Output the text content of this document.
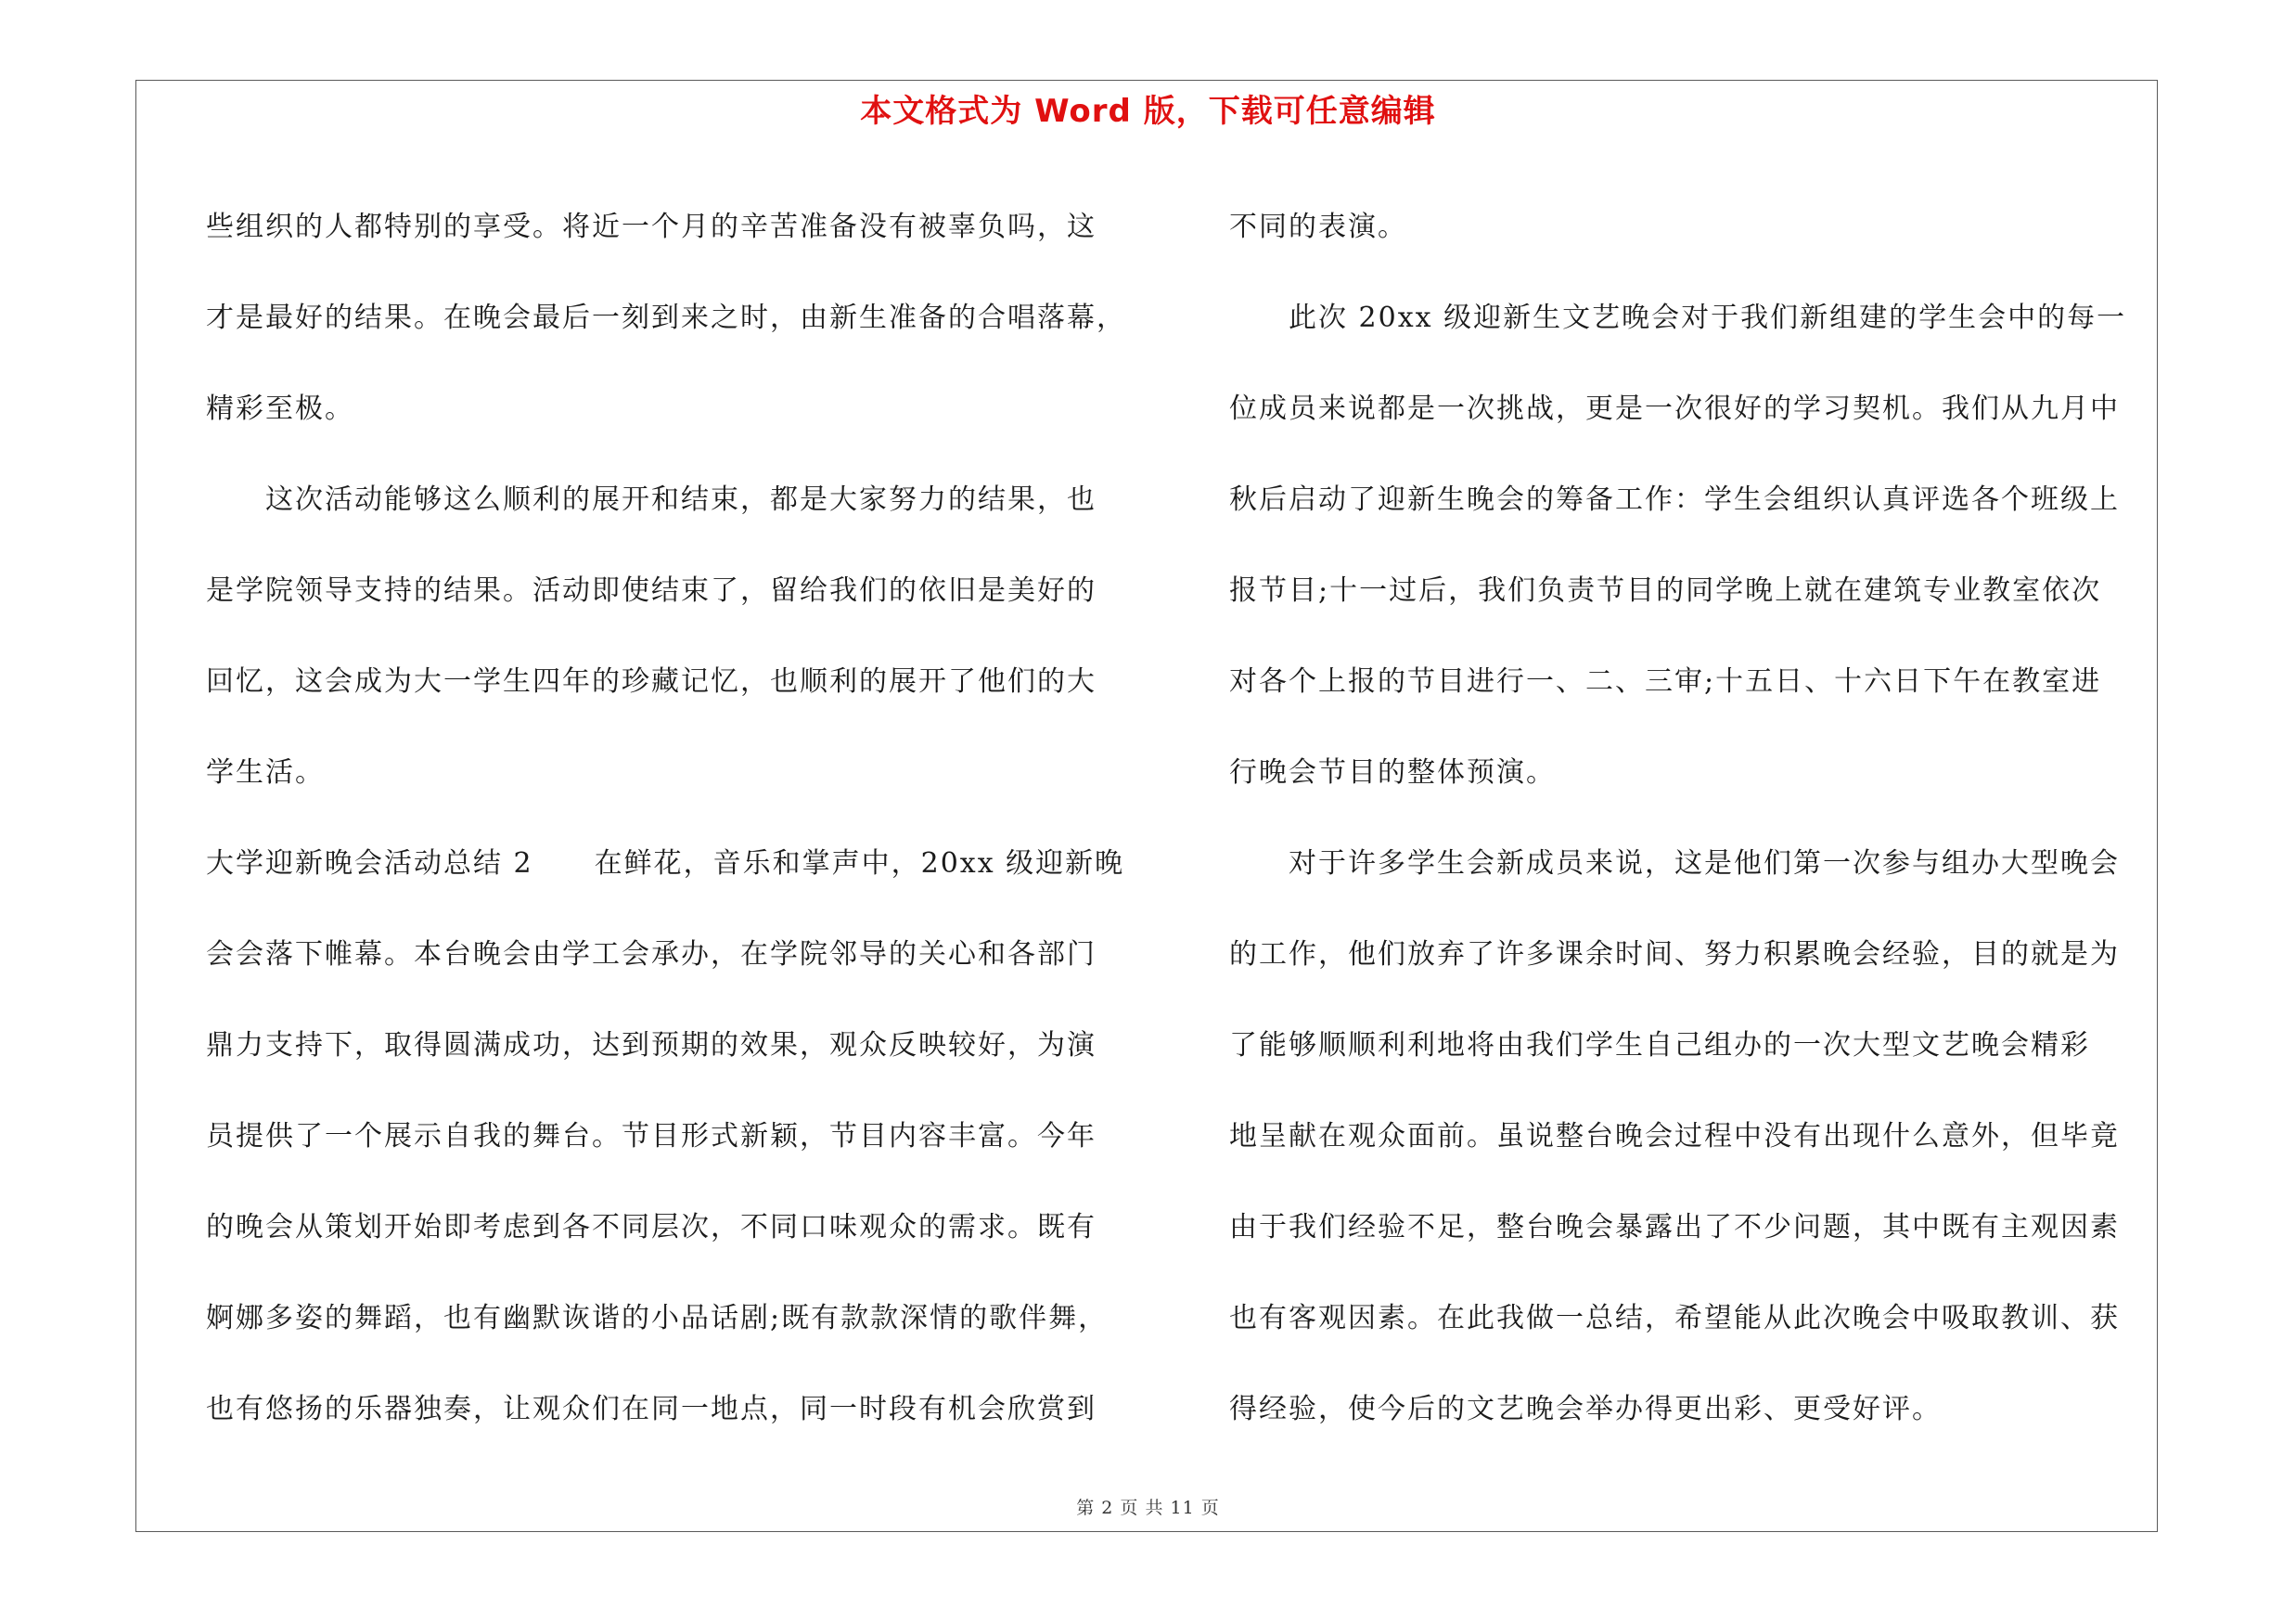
本文格式为 Word 版，下载可任意编辑
些组织的人都特别的享受。将近一个月的辛苦准备没有被辜负吗，这
才是最好的结果。在晚会最后一刻到来之时，由新生准备的合唱落幕，
精彩至极。
这次活动能够这么顺利的展开和结束，都是大家努力的结果，也
是学院领导支持的结果。活动即使结束了，留给我们的依旧是美好的
回忆，这会成为大一学生四年的珍藏记忆，也顺利的展开了他们的大
学生活。
大学迎新晚会活动总结 2 在鲜花，音乐和掌声中，20xx 级迎新晚
会会落下帷幕。本台晚会由学工会承办，在学院邻导的关心和各部门
鼎力支持下，取得圆满成功，达到预期的效果，观众反映较好，为演
员提供了一个展示自我的舞台。节目形式新颖，节目内容丰富。今年
的晚会从策划开始即考虑到各不同层次，不同口味观众的需求。既有
婀娜多姿的舞蹈，也有幽默诙谐的小品话剧;既有款款深情的歌伴舞，
也有悠扬的乐器独奏，让观众们在同一地点，同一时段有机会欣赏到
不同的表演。
此次 20xx 级迎新生文艺晚会对于我们新组建的学生会中的每一
位成员来说都是一次挑战，更是一次很好的学习契机。我们从九月中
秋后启动了迎新生晚会的筹备工作：学生会组织认真评选各个班级上
报节目;十一过后，我们负责节目的同学晚上就在建筑专业教室依次
对各个上报的节目进行一、二、三审;十五日、十六日下午在教室进
行晚会节目的整体预演。
对于许多学生会新成员来说，这是他们第一次参与组办大型晚会
的工作，他们放弃了许多课余时间、努力积累晚会经验，目的就是为
了能够顺顺利利地将由我们学生自己组办的一次大型文艺晚会精彩
地呈献在观众面前。虽说整台晚会过程中没有出现什么意外，但毕竟
由于我们经验不足，整台晚会暴露出了不少问题，其中既有主观因素
也有客观因素。在此我做一总结，希望能从此次晚会中吸取教训、获
得经验，使今后的文艺晚会举办得更出彩、更受好评。
第 2 页 共 11 页
